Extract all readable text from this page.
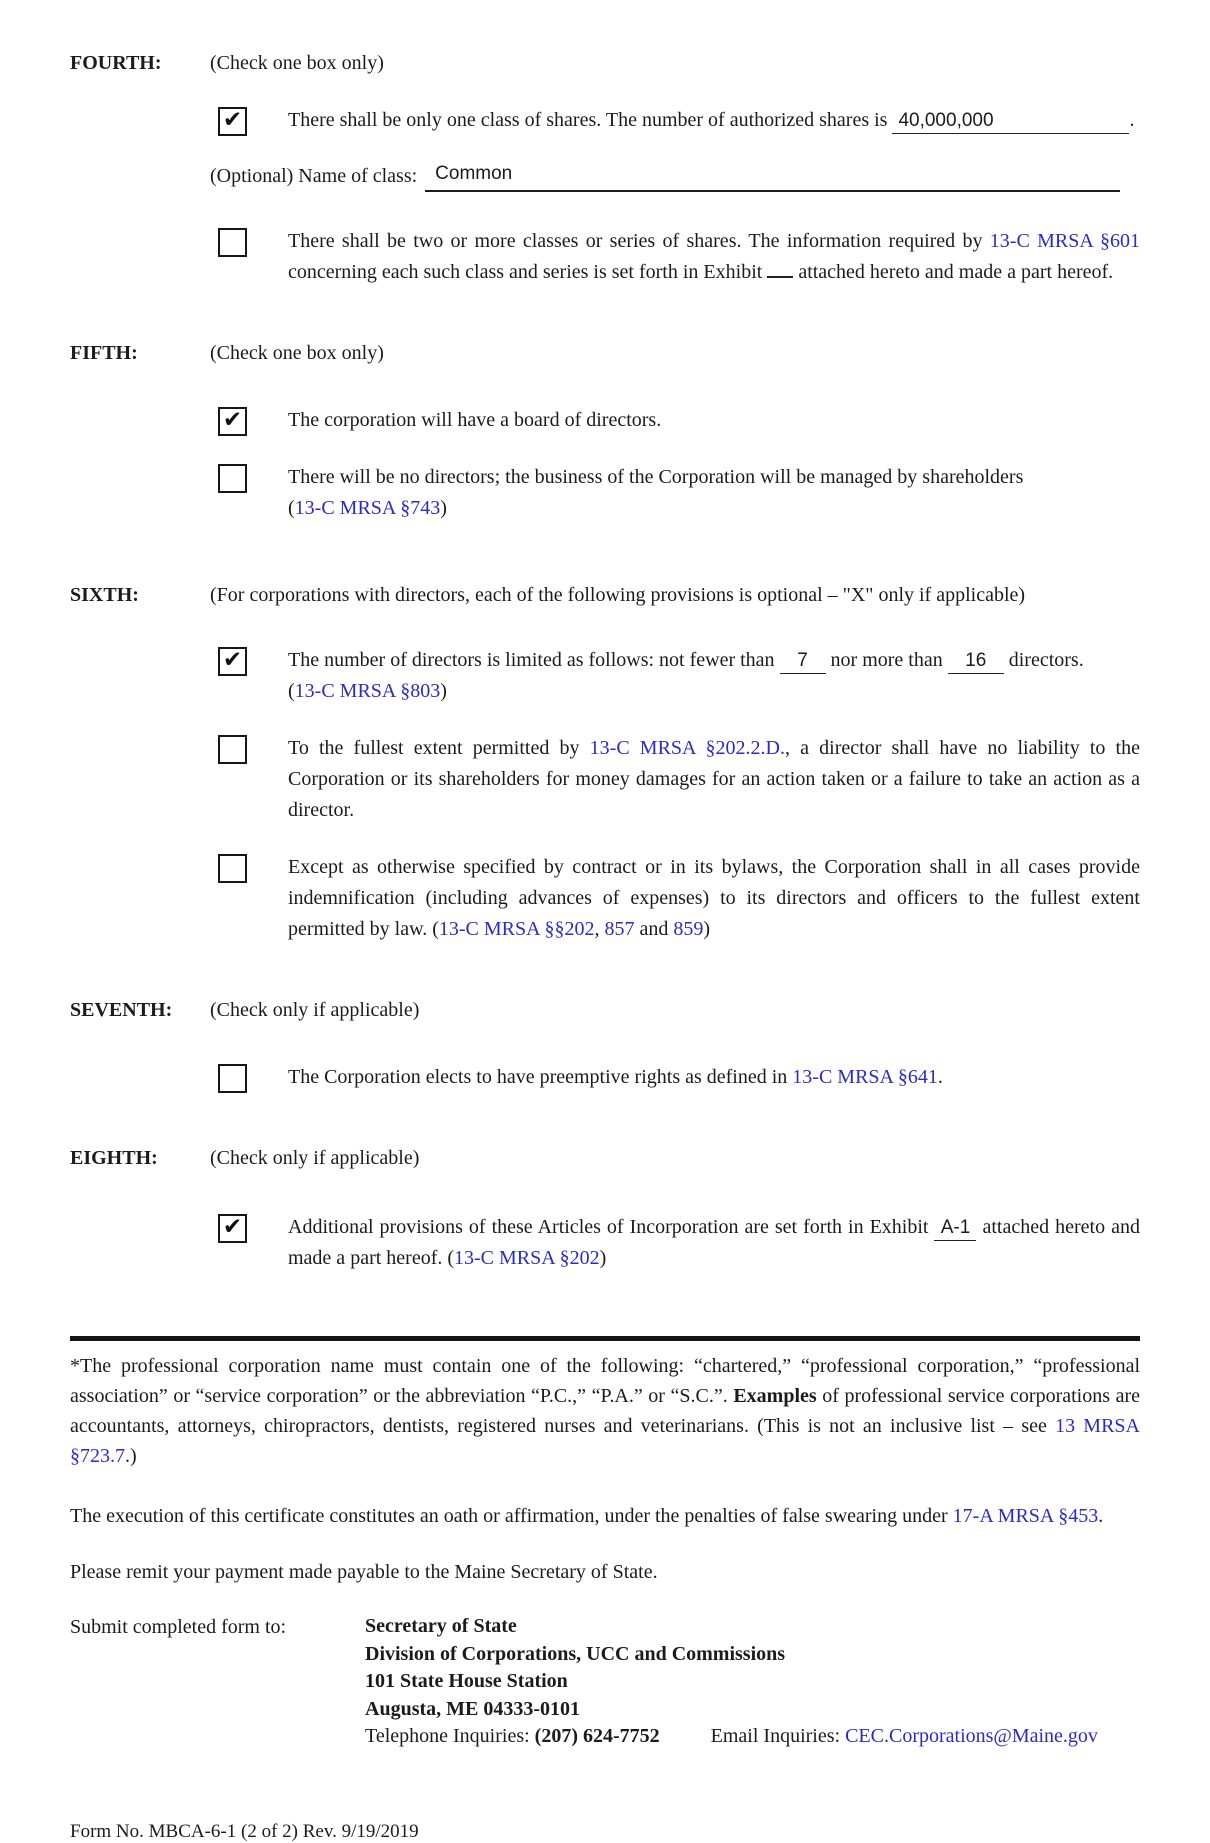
FOURTH:	(Check one box only)
✔ There shall be only one class of shares. The number of authorized shares is 40,000,000	.
(Optional) Name of class: Common
There shall be two or more classes or series of shares. The information required by 13-C MRSA §601 concerning each such class and series is set forth in Exhibit  attached hereto and made a part hereof.
FIFTH:	(Check one box only)
✔ The corporation will have a board of directors.
There will be no directors; the business of the Corporation will be managed by shareholders
(13-C MRSA §743)
SIXTH:	(For corporations with directors, each of the following provisions is optional – "X" only if applicable)
✔ The number of directors is limited as follows: not fewer than 7 nor more than 16 directors.
(13-C MRSA §803)
To the fullest extent permitted by 13-C MRSA §202.2.D., a director shall have no liability to the Corporation or its shareholders for money damages for an action taken or a failure to take an action as a director.
Except as otherwise specified by contract or in its bylaws, the Corporation shall in all cases provide indemnification (including advances of expenses) to its directors and officers to the fullest extent permitted by law. (13-C MRSA §§202, 857 and 859)
SEVENTH:	(Check only if applicable)
The Corporation elects to have preemptive rights as defined in 13-C MRSA §641.
EIGHTH:	(Check only if applicable)
✔ Additional provisions of these Articles of Incorporation are set forth in Exhibit A-1 attached hereto and made a part hereof. (13-C MRSA §202)
*The professional corporation name must contain one of the following: “chartered,” “professional corporation,” “professional association” or “service corporation” or the abbreviation “P.C.,” “P.A.” or “S.C.”. Examples of professional service corporations are accountants, attorneys, chiropractors, dentists, registered nurses and veterinarians. (This is not an inclusive list – see 13 MRSA §723.7.)
The execution of this certificate constitutes an oath or affirmation, under the penalties of false swearing under 17-A MRSA §453.
Please remit your payment made payable to the Maine Secretary of State.
Submit completed form to:	Secretary of State
Division of Corporations, UCC and Commissions
101 State House Station
Augusta, ME 04333-0101
Telephone Inquiries: (207) 624-7752	Email Inquiries: CEC.Corporations@Maine.gov
Form No. MBCA-6-1 (2 of 2) Rev. 9/19/2019
